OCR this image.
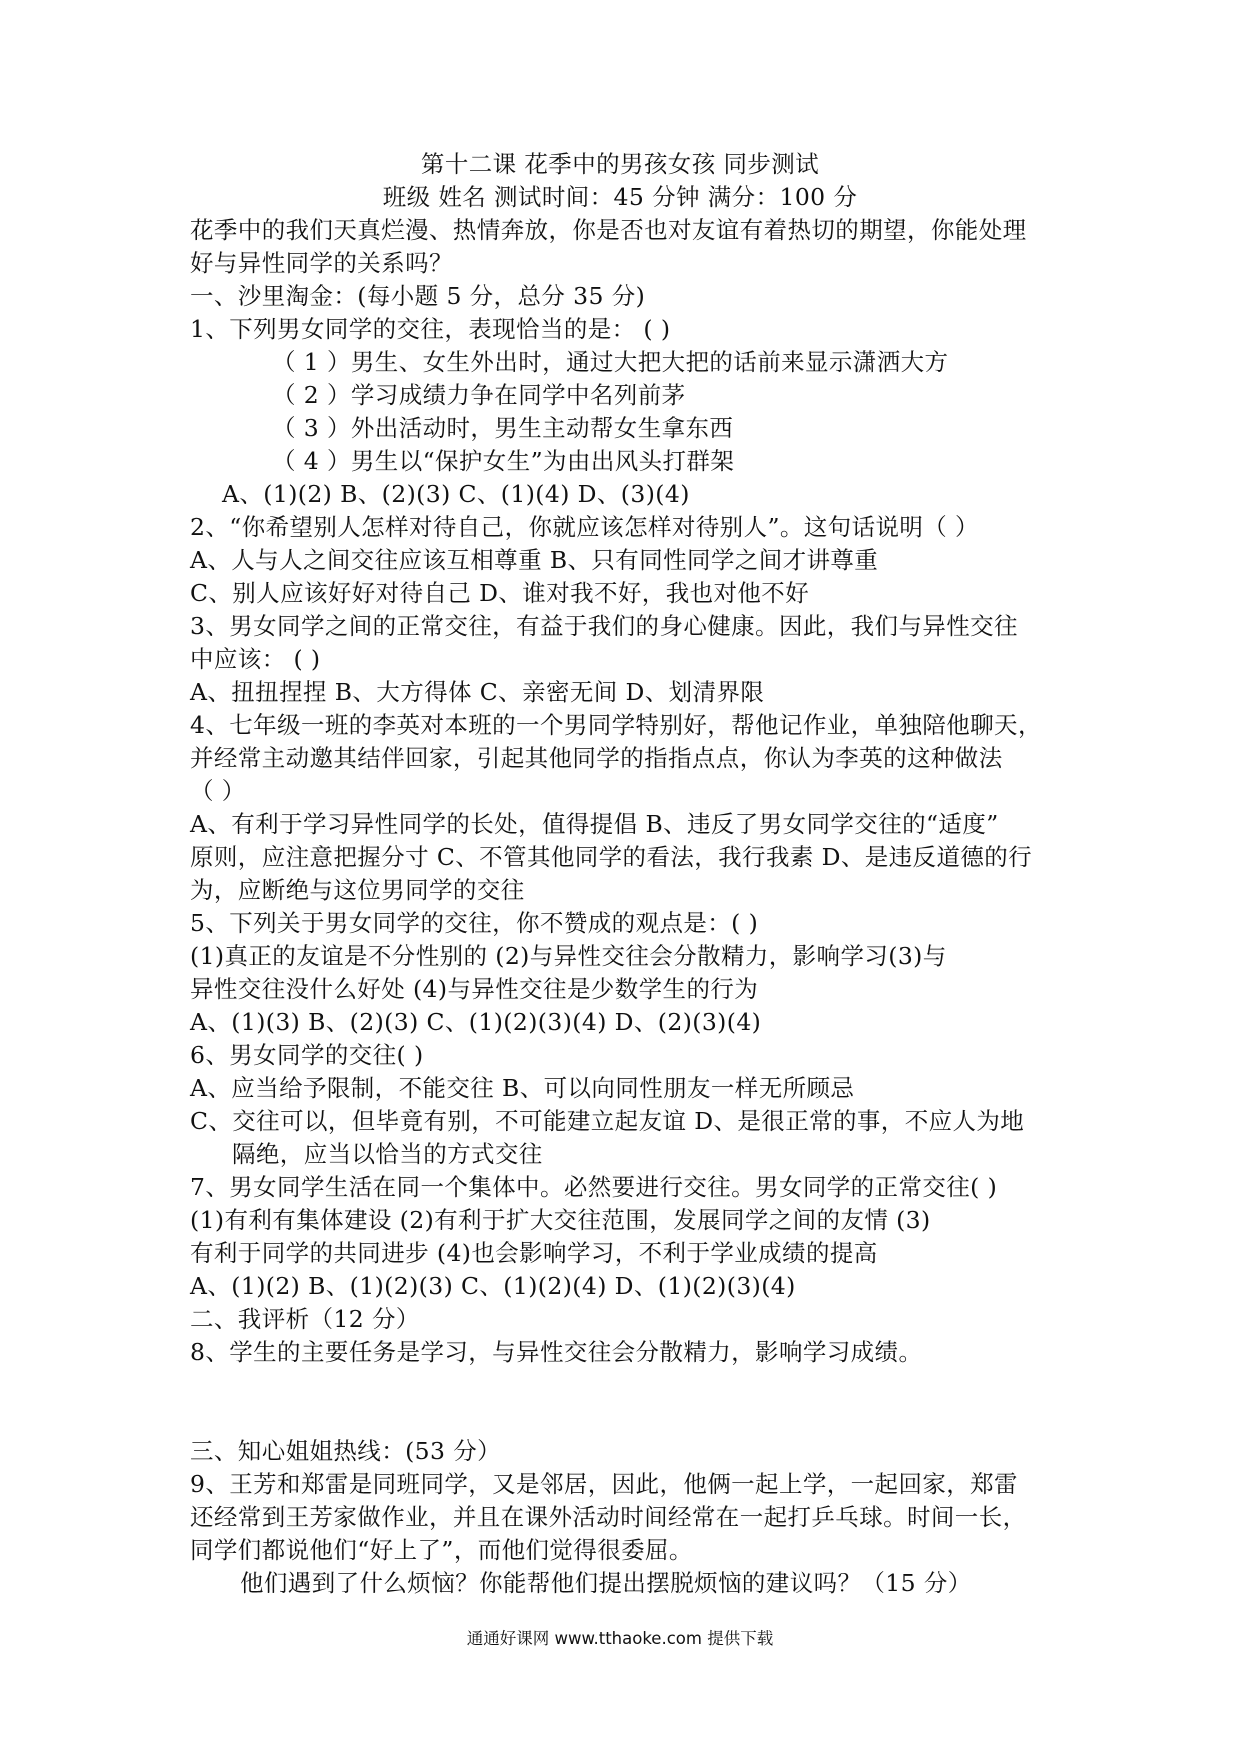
第十二课 花季中的男孩女孩 同步测试
班级 姓名 测试时间：45 分钟 满分：100 分
花季中的我们天真烂漫、热情奔放，你是否也对友谊有着热切的期望，你能处理
好与异性同学的关系吗？
一、沙里淘金：(每小题 5 分，总分 35 分)
1、下列男女同学的交往，表现恰当的是： ( )
（ 1 ）男生、女生外出时，通过大把大把的话前来显示潇洒大方
（ 2 ）学习成绩力争在同学中名列前茅
（ 3 ）外出活动时，男生主动帮女生拿东西
（ 4 ）男生以“保护女生”为由出风头打群架
A、(1)(2) B、(2)(3) C、(1)(4) D、(3)(4)
2、“你希望别人怎样对待自己，你就应该怎样对待别人”。这句话说明（ ）
A、人与人之间交往应该互相尊重 B、只有同性同学之间才讲尊重
C、别人应该好好对待自己 D、谁对我不好，我也对他不好
3、男女同学之间的正常交往，有益于我们的身心健康。因此，我们与异性交往
中应该： ( )
A、扭扭捏捏 B、大方得体 C、亲密无间 D、划清界限
4、七年级一班的李英对本班的一个男同学特别好，帮他记作业，单独陪他聊天，
并经常主动邀其结伴回家，引起其他同学的指指点点，你认为李英的这种做法
（ ）
A、有利于学习异性同学的长处，值得提倡 B、违反了男女同学交往的“适度”
原则，应注意把握分寸 C、不管其他同学的看法，我行我素 D、是违反道德的行
为，应断绝与这位男同学的交往
5、下列关于男女同学的交往，你不赞成的观点是：( )
(1)真正的友谊是不分性别的 (2)与异性交往会分散精力，影响学习(3)与
异性交往没什么好处 (4)与异性交往是少数学生的行为
A、(1)(3) B、(2)(3) C、(1)(2)(3)(4) D、(2)(3)(4)
6、男女同学的交往( )
A、应当给予限制，不能交往 B、可以向同性朋友一样无所顾忌
C、交往可以，但毕竟有别，不可能建立起友谊 D、是很正常的事，不应人为地
隔绝，应当以恰当的方式交往
7、男女同学生活在同一个集体中。必然要进行交往。男女同学的正常交往( )
(1)有利有集体建设 (2)有利于扩大交往范围，发展同学之间的友情 (3)
有利于同学的共同进步 (4)也会影响学习，不利于学业成绩的提高
A、(1)(2) B、(1)(2)(3) C、(1)(2)(4) D、(1)(2)(3)(4)
二、我评析（12 分）
8、学生的主要任务是学习，与异性交往会分散精力，影响学习成绩。
三、知心姐姐热线：(53 分）
9、王芳和郑雷是同班同学，又是邻居，因此，他俩一起上学，一起回家，郑雷
还经常到王芳家做作业，并且在课外活动时间经常在一起打乒乓球。时间一长，
同学们都说他们“好上了”，而他们觉得很委屈。
他们遇到了什么烦恼？你能帮他们提出摆脱烦恼的建议吗？（15 分）
通通好课网 www.tthaoke.com 提供下载
